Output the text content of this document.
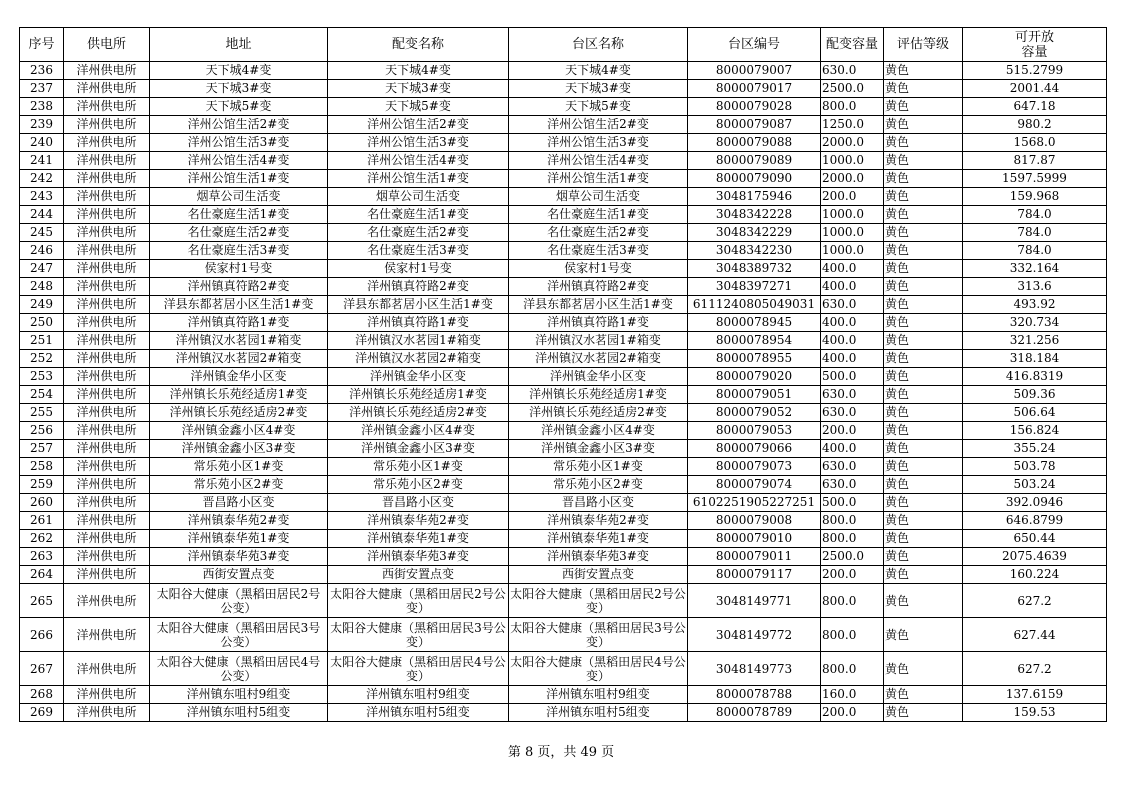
序号	供电所	地址	配变名称	台区名称	台区编号	配变容量	评估等级	可开放容量
236	洋州供电所	天下城4#变	天下城4#变	天下城4#变	8000079007	630.0	黄色	515.2799
237	洋州供电所	天下城3#变	天下城3#变	天下城3#变	8000079017	2500.0	黄色	2001.44
238	洋州供电所	天下城5#变	天下城5#变	天下城5#变	8000079028	800.0	黄色	647.18
239	洋州供电所	洋州公馆生活2#变	洋州公馆生活2#变	洋州公馆生活2#变	8000079087	1250.0	黄色	980.2
240	洋州供电所	洋州公馆生活3#变	洋州公馆生活3#变	洋州公馆生活3#变	8000079088	2000.0	黄色	1568.0
241	洋州供电所	洋州公馆生活4#变	洋州公馆生活4#变	洋州公馆生活4#变	8000079089	1000.0	黄色	817.87
242	洋州供电所	洋州公馆生活1#变	洋州公馆生活1#变	洋州公馆生活1#变	8000079090	2000.0	黄色	1597.5999
243	洋州供电所	烟草公司生活变	烟草公司生活变	烟草公司生活变	3048175946	200.0	黄色	159.968
244	洋州供电所	名仕豪庭生活1#变	名仕豪庭生活1#变	名仕豪庭生活1#变	3048342228	1000.0	黄色	784.0
245	洋州供电所	名仕豪庭生活2#变	名仕豪庭生活2#变	名仕豪庭生活2#变	3048342229	1000.0	黄色	784.0
246	洋州供电所	名仕豪庭生活3#变	名仕豪庭生活3#变	名仕豪庭生活3#变	3048342230	1000.0	黄色	784.0
247	洋州供电所	侯家村1号变	侯家村1号变	侯家村1号变	3048389732	400.0	黄色	332.164
248	洋州供电所	洋州镇真符路2#变	洋州镇真符路2#变	洋州镇真符路2#变	3048397271	400.0	黄色	313.6
249	洋州供电所	洋县东都茗居小区生活1#变	洋县东都茗居小区生活1#变	洋县东都茗居小区生活1#变	6111240805049031	630.0	黄色	493.92
250	洋州供电所	洋州镇真符路1#变	洋州镇真符路1#变	洋州镇真符路1#变	8000078945	400.0	黄色	320.734
251	洋州供电所	洋州镇汉水茗园1#箱变	洋州镇汉水茗园1#箱变	洋州镇汉水茗园1#箱变	8000078954	400.0	黄色	321.256
252	洋州供电所	洋州镇汉水茗园2#箱变	洋州镇汉水茗园2#箱变	洋州镇汉水茗园2#箱变	8000078955	400.0	黄色	318.184
253	洋州供电所	洋州镇金华小区变	洋州镇金华小区变	洋州镇金华小区变	8000079020	500.0	黄色	416.8319
254	洋州供电所	洋州镇长乐苑经适房1#变	洋州镇长乐苑经适房1#变	洋州镇长乐苑经适房1#变	8000079051	630.0	黄色	509.36
255	洋州供电所	洋州镇长乐苑经适房2#变	洋州镇长乐苑经适房2#变	洋州镇长乐苑经适房2#变	8000079052	630.0	黄色	506.64
256	洋州供电所	洋州镇金鑫小区4#变	洋州镇金鑫小区4#变	洋州镇金鑫小区4#变	8000079053	200.0	黄色	156.824
257	洋州供电所	洋州镇金鑫小区3#变	洋州镇金鑫小区3#变	洋州镇金鑫小区3#变	8000079066	400.0	黄色	355.24
258	洋州供电所	常乐苑小区1#变	常乐苑小区1#变	常乐苑小区1#变	8000079073	630.0	黄色	503.78
259	洋州供电所	常乐苑小区2#变	常乐苑小区2#变	常乐苑小区2#变	8000079074	630.0	黄色	503.24
260	洋州供电所	晋昌路小区变	晋昌路小区变	晋昌路小区变	6102251905227251	500.0	黄色	392.0946
261	洋州供电所	洋州镇泰华苑2#变	洋州镇泰华苑2#变	洋州镇泰华苑2#变	8000079008	800.0	黄色	646.8799
262	洋州供电所	洋州镇泰华苑1#变	洋州镇泰华苑1#变	洋州镇泰华苑1#变	8000079010	800.0	黄色	650.44
263	洋州供电所	洋州镇泰华苑3#变	洋州镇泰华苑3#变	洋州镇泰华苑3#变	8000079011	2500.0	黄色	2075.4639
264	洋州供电所	西街安置点变	西街安置点变	西街安置点变	8000079117	200.0	黄色	160.224
265	洋州供电所	太阳谷大健康（黑稻田居民2号公变）	太阳谷大健康（黑稻田居民2号公变）	太阳谷大健康（黑稻田居民2号公变）	3048149771	800.0	黄色	627.2
266	洋州供电所	太阳谷大健康（黑稻田居民3号公变）	太阳谷大健康（黑稻田居民3号公变）	太阳谷大健康（黑稻田居民3号公变）	3048149772	800.0	黄色	627.44
267	洋州供电所	太阳谷大健康（黑稻田居民4号公变）	太阳谷大健康（黑稻田居民4号公变）	太阳谷大健康（黑稻田居民4号公变）	3048149773	800.0	黄色	627.2
268	洋州供电所	洋州镇东咀村9组变	洋州镇东咀村9组变	洋州镇东咀村9组变	8000078788	160.0	黄色	137.6159
269	洋州供电所	洋州镇东咀村5组变	洋州镇东咀村5组变	洋州镇东咀村5组变	8000078789	200.0	黄色	159.53
第 8 页，共 49 页
